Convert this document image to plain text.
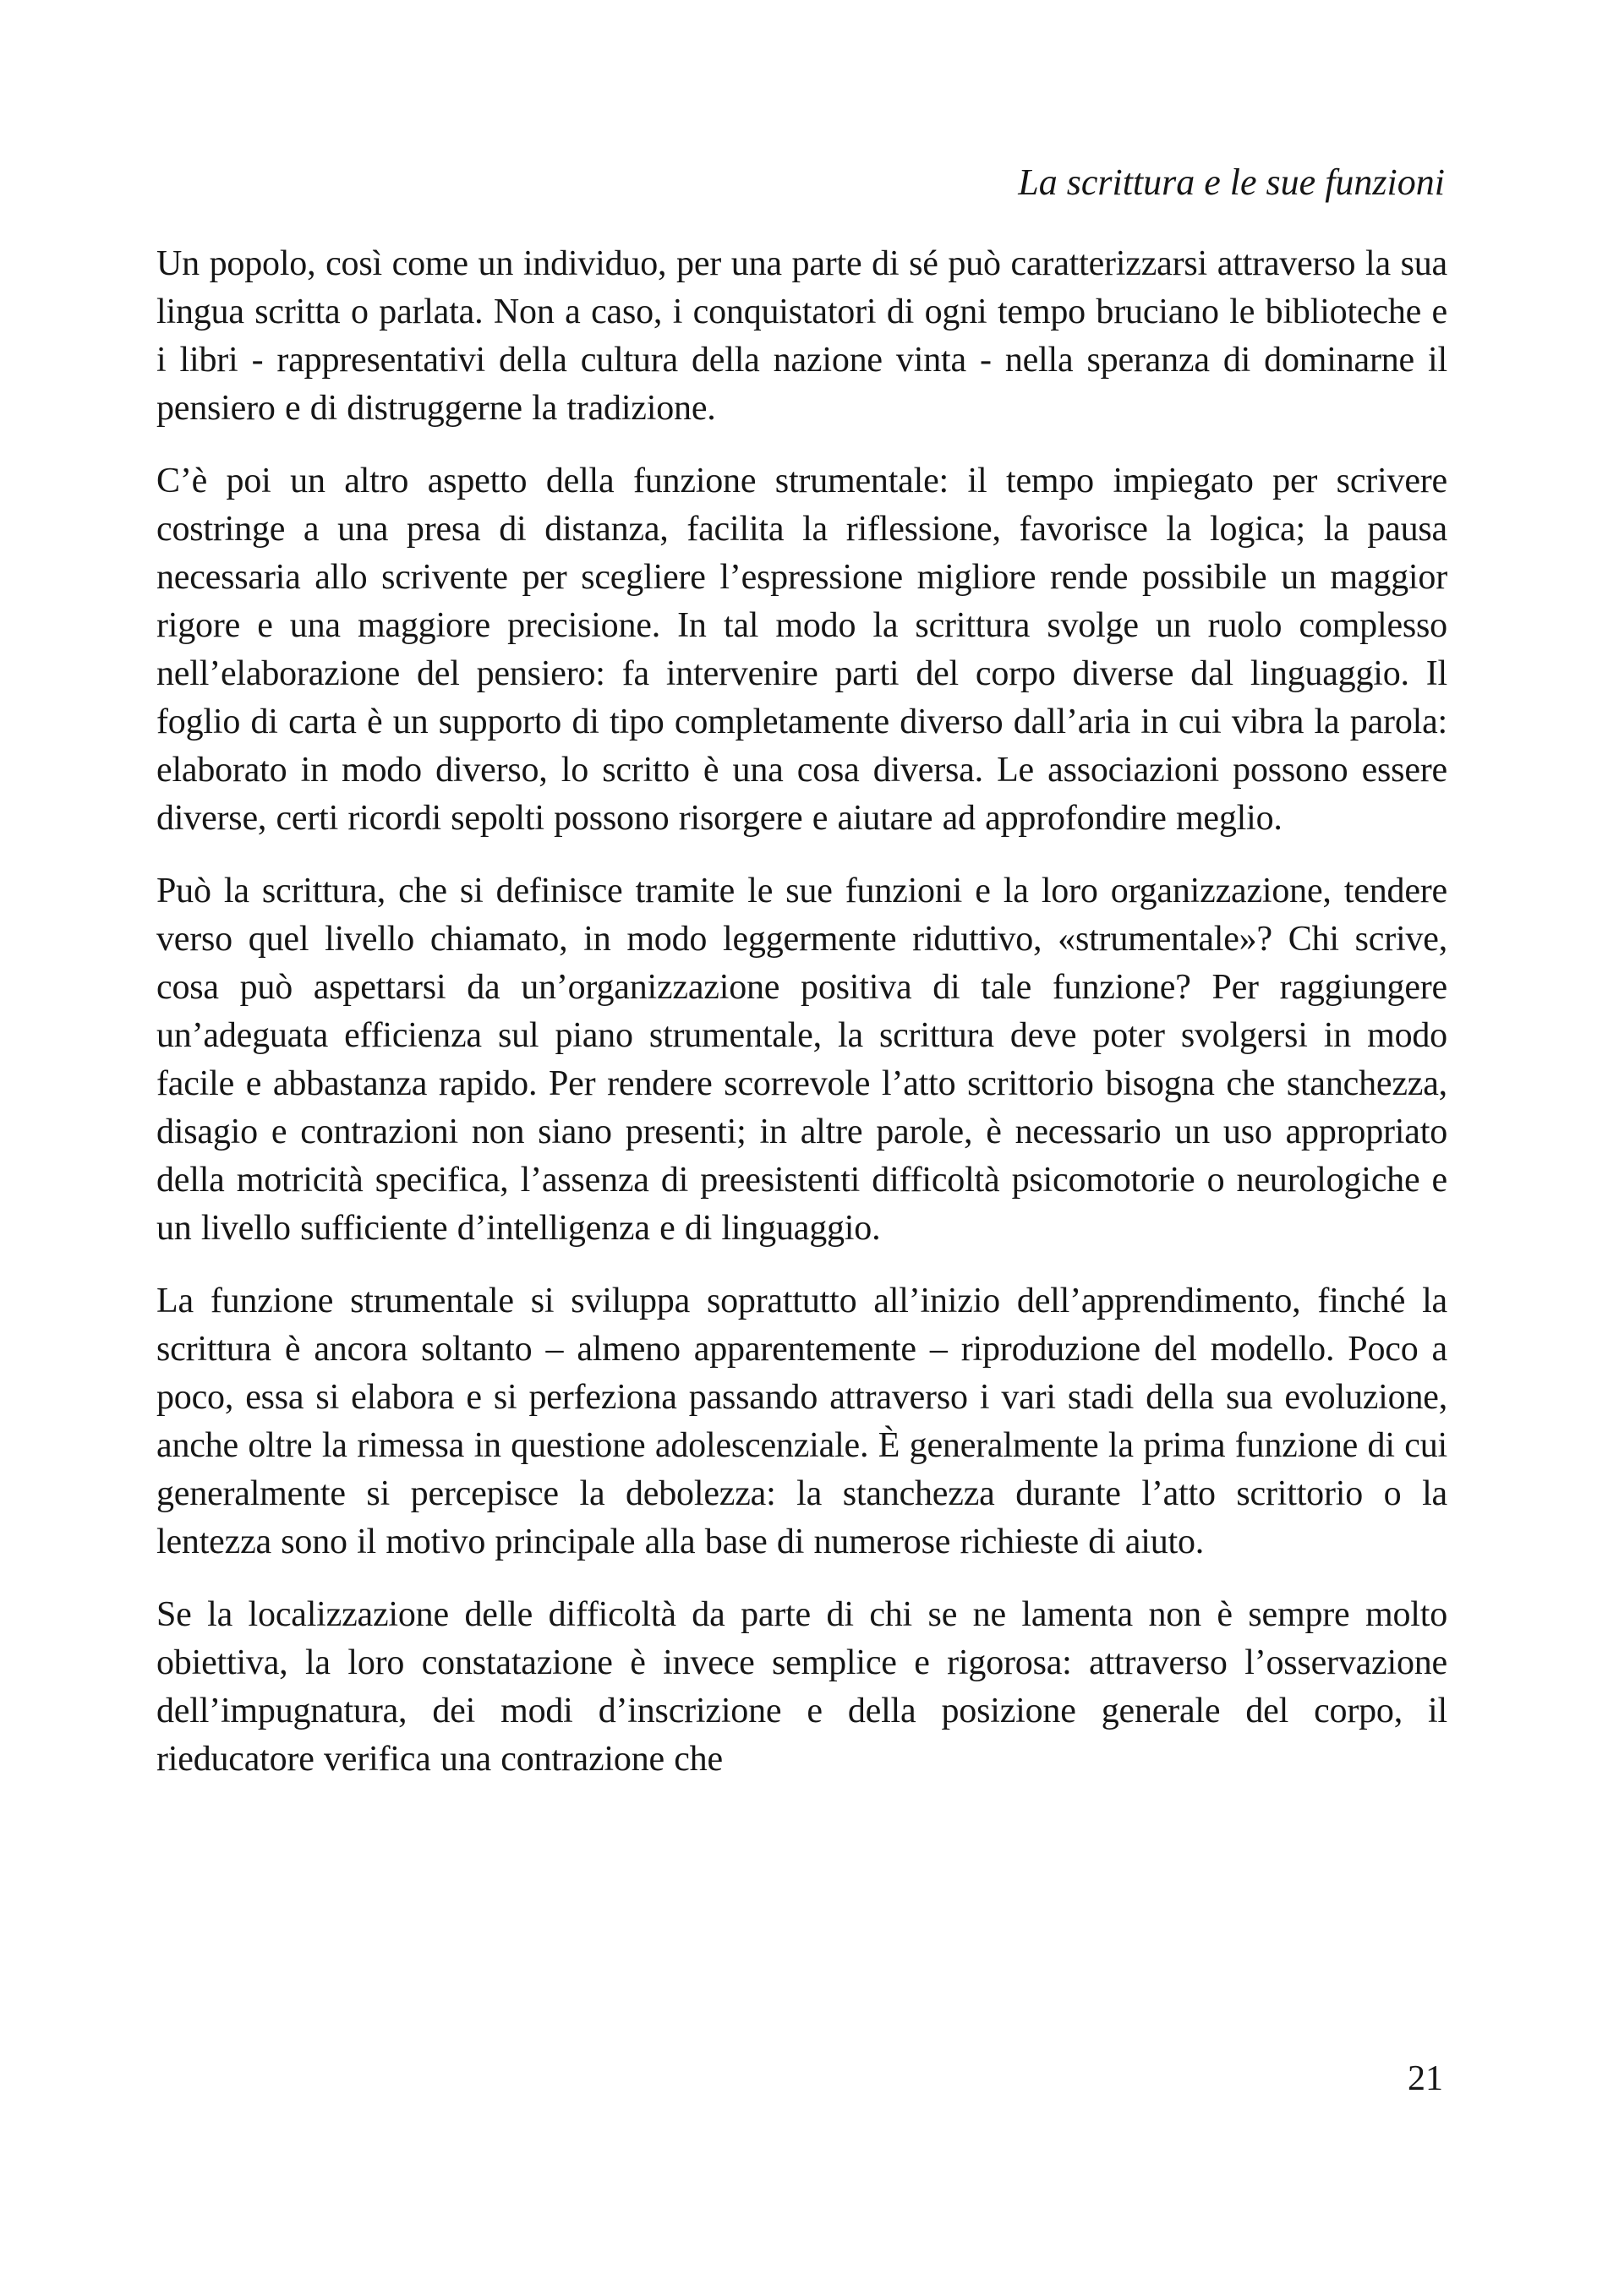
La scrittura e le sue funzioni

Un popolo, così come un individuo, per una parte di sé può caratterizzarsi attraverso la sua lingua scritta o parlata. Non a caso, i conquistatori di ogni tempo bruciano le biblioteche e i libri - rappresentativi della cultura della nazione vinta - nella speranza di dominarne il pensiero e di distruggerne la tradizione.

C’è poi un altro aspetto della funzione strumentale: il tempo impiegato per scrivere costringe a una presa di distanza, facilita la riflessione, favorisce la logica; la pausa necessaria allo scrivente per scegliere l’espressione migliore rende possibile un maggior rigore e una maggiore precisione. In tal modo la scrittura svolge un ruolo complesso nell’elaborazione del pensiero: fa intervenire parti del corpo diverse dal linguaggio. Il foglio di carta è un supporto di tipo completamente diverso dall’aria in cui vibra la parola: elaborato in modo diverso, lo scritto è una cosa diversa. Le associazioni possono essere diverse, certi ricordi sepolti possono risorgere e aiutare ad approfondire meglio.

Può la scrittura, che si definisce tramite le sue funzioni e la loro organizzazione, tendere verso quel livello chiamato, in modo leggermente riduttivo, «strumentale»? Chi scrive, cosa può aspettarsi da un’organizzazione positiva di tale funzione? Per raggiungere un’adeguata efficienza sul piano strumentale, la scrittura deve poter svolgersi in modo facile e abbastanza rapido. Per rendere scorrevole l’atto scrittorio bisogna che stanchezza, disagio e contrazioni non siano presenti; in altre parole, è necessario un uso appropriato della motricità specifica, l’assenza di preesistenti difficoltà psicomotorie o neurologiche e un livello sufficiente d’intelligenza e di linguaggio.

La funzione strumentale si sviluppa soprattutto all’inizio dell’apprendimento, finché la scrittura è ancora soltanto – almeno apparentemente – riproduzione del modello. Poco a poco, essa si elabora e si perfeziona passando attraverso i vari stadi della sua evoluzione, anche oltre la rimessa in questione adolescenziale. È generalmente la prima funzione di cui generalmente si percepisce la debolezza: la stanchezza durante l’atto scrittorio o la lentezza sono il motivo principale alla base di numerose richieste di aiuto.

Se la localizzazione delle difficoltà da parte di chi se ne lamenta non è sempre molto obiettiva, la loro constatazione è invece semplice e rigorosa: attraverso l’osservazione dell’impugnatura, dei modi d’inscrizione e della posizione generale del corpo, il rieducatore verifica una contrazione che

21
